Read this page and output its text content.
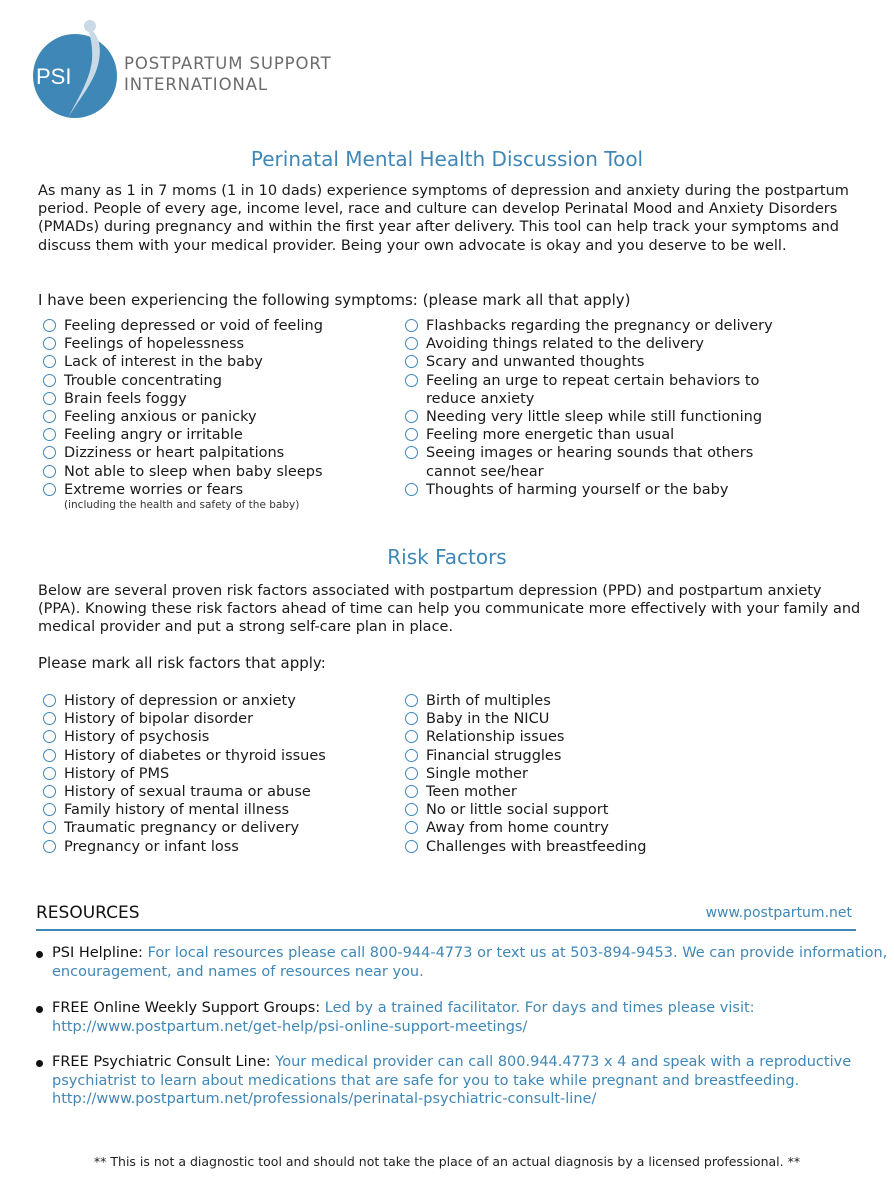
PSI
POSTPARTUM SUPPORT
INTERNATIONAL
Perinatal Mental Health Discussion Tool
As many as 1 in 7 moms (1 in 10 dads) experience symptoms of depression and anxiety during the postpartum period. People of every age, income level, race and culture can develop Perinatal Mood and Anxiety Disorders (PMADs) during pregnancy and within the first year after delivery. This tool can help track your symptoms and discuss them with your medical provider. Being your own advocate is okay and you deserve to be well.
I have been experiencing the following symptoms: (please mark all that apply)
Feeling depressed or void of feeling
Feelings of hopelessness
Lack of interest in the baby
Trouble concentrating
Brain feels foggy
Feeling anxious or panicky
Feeling angry or irritable
Dizziness or heart palpitations
Not able to sleep when baby sleeps
Extreme worries or fears
(including the health and safety of the baby)
Flashbacks regarding the pregnancy or delivery
Avoiding things related to the delivery
Scary and unwanted thoughts
Feeling an urge to repeat certain behaviors to
reduce anxiety
Needing very little sleep while still functioning
Feeling more energetic than usual
Seeing images or hearing sounds that others
cannot see/hear
Thoughts of harming yourself or the baby
Risk Factors
Below are several proven risk factors associated with postpartum depression (PPD) and postpartum anxiety (PPA). Knowing these risk factors ahead of time can help you communicate more effectively with your family and medical provider and put a strong self-care plan in place.
Please mark all risk factors that apply:
History of depression or anxiety
History of bipolar disorder
History of psychosis
History of diabetes or thyroid issues
History of PMS
History of sexual trauma or abuse
Family history of mental illness
Traumatic pregnancy or delivery
Pregnancy or infant loss
Birth of multiples
Baby in the NICU
Relationship issues
Financial struggles
Single mother
Teen mother
No or little social support
Away from home country
Challenges with breastfeeding
RESOURCES	www.postpartum.net
PSI Helpline: For local resources please call 800-944-4773 or text us at 503-894-9453. We can provide information, encouragement, and names of resources near you.
FREE Online Weekly Support Groups: Led by a trained facilitator. For days and times please visit: http://www.postpartum.net/get-help/psi-online-support-meetings/
FREE Psychiatric Consult Line: Your medical provider can call 800.944.4773 x 4 and speak with a reproductive psychiatrist to learn about medications that are safe for you to take while pregnant and breastfeeding. http://www.postpartum.net/professionals/perinatal-psychiatric-consult-line/
** This is not a diagnostic tool and should not take the place of an actual diagnosis by a licensed professional. **
